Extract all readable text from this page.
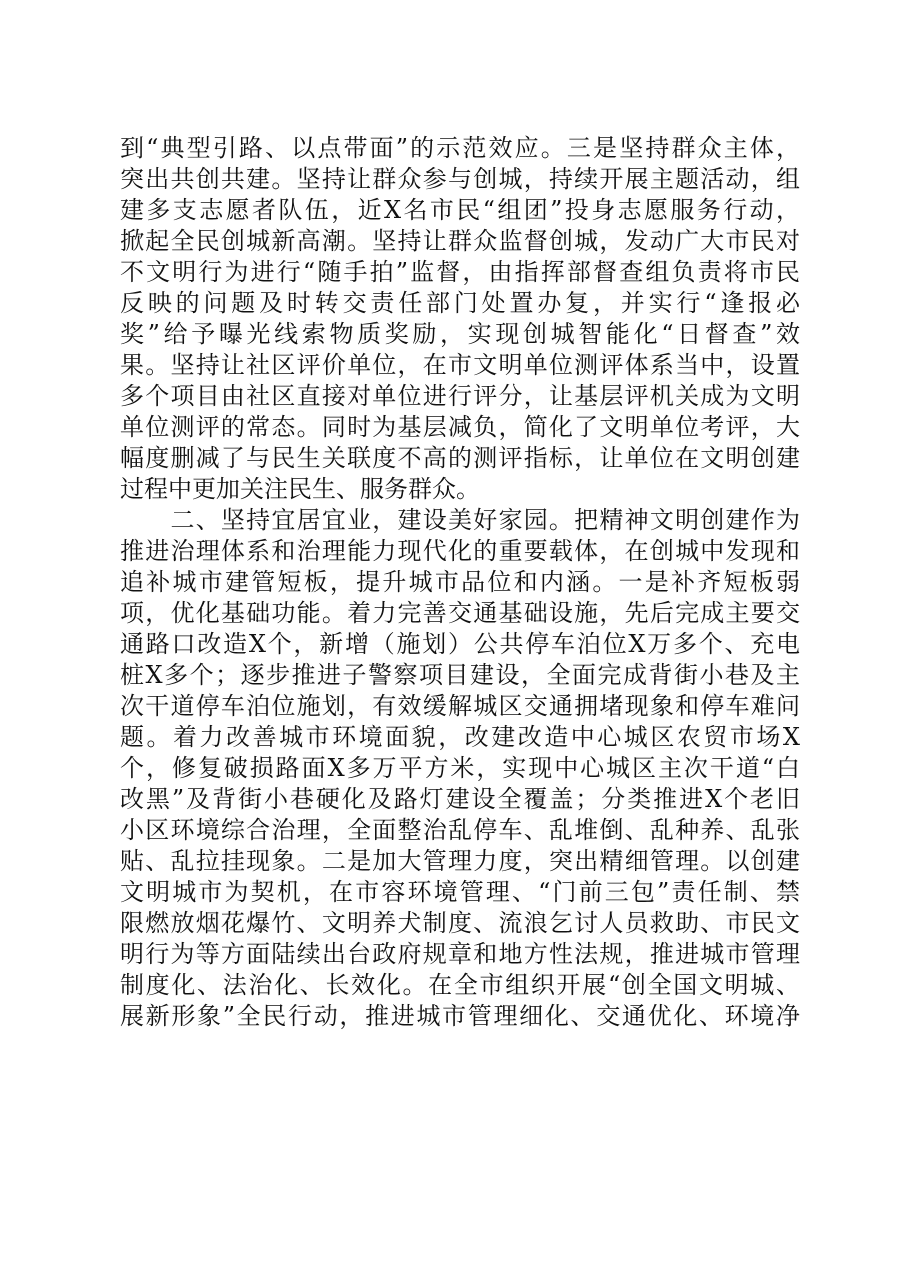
到“典型引路、以点带面”的示范效应。三是坚持群众主体，
突出共创共建。坚持让群众参与创城，持续开展主题活动，组
建多支志愿者队伍，近X名市民“组团”投身志愿服务行动，
掀起全民创城新高潮。坚持让群众监督创城，发动广大市民对
不文明行为进行“随手拍”监督，由指挥部督查组负责将市民
反映的问题及时转交责任部门处置办复，并实行“逢报必
奖”给予曝光线索物质奖励，实现创城智能化“日督查”效
果。坚持让社区评价单位，在市文明单位测评体系当中，设置
多个项目由社区直接对单位进行评分，让基层评机关成为文明
单位测评的常态。同时为基层减负，简化了文明单位考评，大
幅度删减了与民生关联度不高的测评指标，让单位在文明创建
过程中更加关注民生、服务群众。
　　二、坚持宜居宜业，建设美好家园。把精神文明创建作为
推进治理体系和治理能力现代化的重要载体，在创城中发现和
追补城市建管短板，提升城市品位和内涵。一是补齐短板弱
项，优化基础功能。着力完善交通基础设施，先后完成主要交
通路口改造X个，新增（施划）公共停车泊位X万多个、充电
桩X多个；逐步推进子警察项目建设，全面完成背街小巷及主
次干道停车泊位施划，有效缓解城区交通拥堵现象和停车难问
题。着力改善城市环境面貌，改建改造中心城区农贸市场X
个，修复破损路面X多万平方米，实现中心城区主次干道“白
改黑”及背街小巷硬化及路灯建设全覆盖；分类推进X个老旧
小区环境综合治理，全面整治乱停车、乱堆倒、乱种养、乱张
贴、乱拉挂现象。二是加大管理力度，突出精细管理。以创建
文明城市为契机，在市容环境管理、“门前三包”责任制、禁
限燃放烟花爆竹、文明养犬制度、流浪乞讨人员救助、市民文
明行为等方面陆续出台政府规章和地方性法规，推进城市管理
制度化、法治化、长效化。在全市组织开展“创全国文明城、
展新形象”全民行动，推进城市管理细化、交通优化、环境净
